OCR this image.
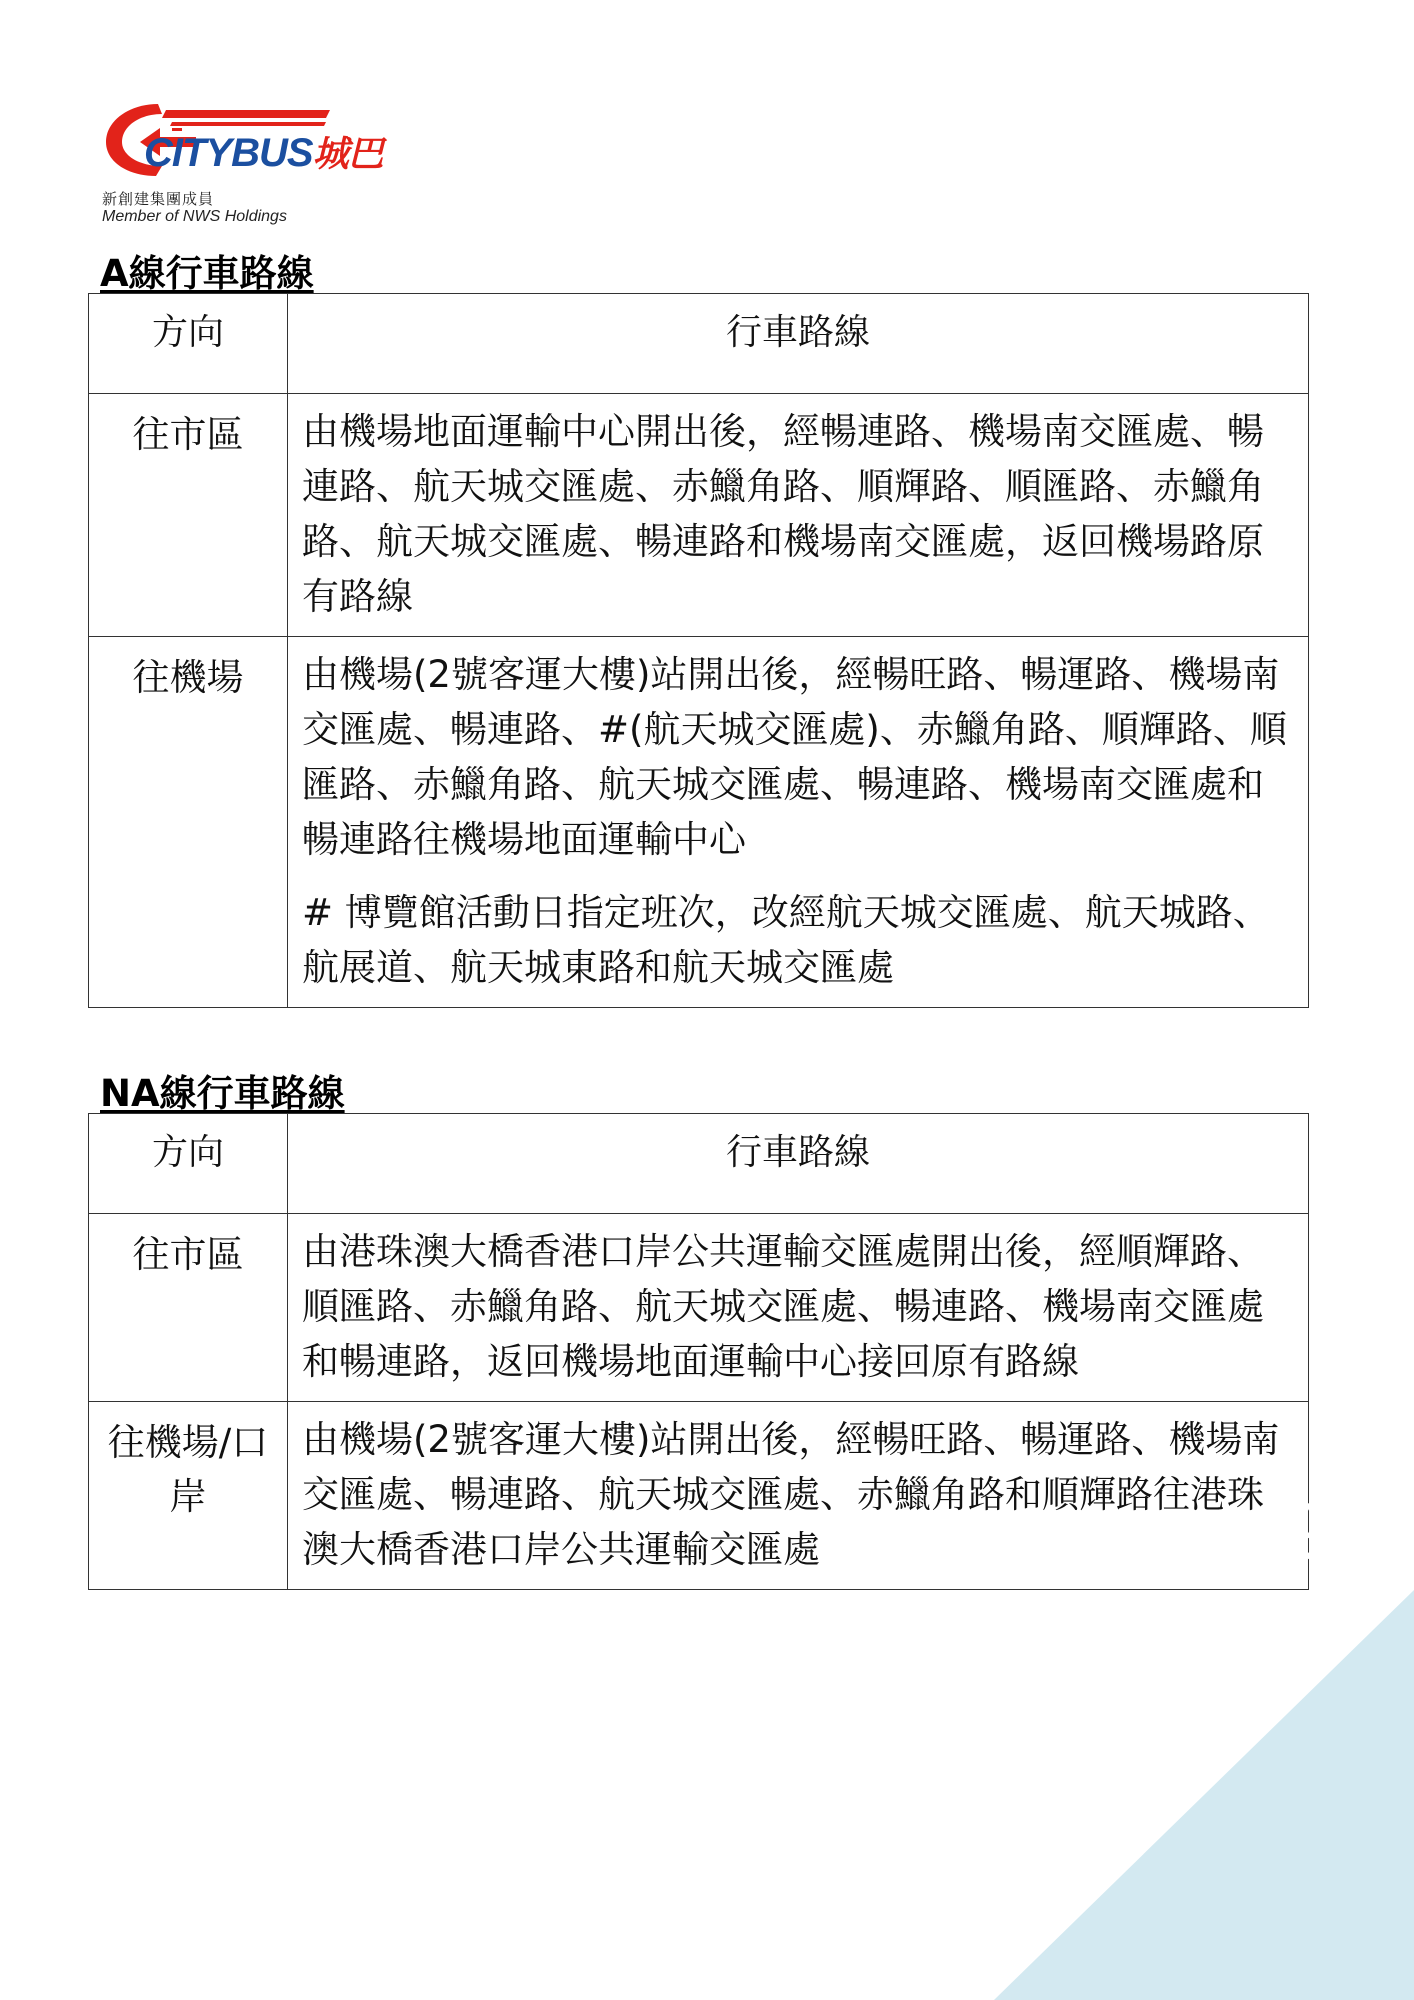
CITYBUS城巴
新創建集團成員
Member of NWS Holdings
A線行車路線
方向	行車路線
往市區	由機場地面運輸中心開出後，經暢連路、機場南交匯處、暢連路、航天城交匯處、赤鱲角路、順輝路、順匯路、赤鱲角路、航天城交匯處、暢連路和機場南交匯處，返回機場路原有路線

往機場	由機場(2號客運大樓)站開出後，經暢旺路、暢運路、機場南交匯處、暢連路、#(航天城交匯處)、赤鱲角路、順輝路、順匯路、赤鱲角路、航天城交匯處、暢連路、機場南交匯處和暢連路往機場地面運輸中心

# 博覽館活動日指定班次，改經航天城交匯處、航天城路、航展道、航天城東路和航天城交匯處

NA線行車路線
方向	行車路線
往市區	由港珠澳大橋香港口岸公共運輸交匯處開出後，經順輝路、順匯路、赤鱲角路、航天城交匯處、暢連路、機場南交匯處和暢連路，返回機場地面運輸中心接回原有路線

往機場/口岸	由機場(2號客運大樓)站開出後，經暢旺路、暢運路、機場南交匯處、暢連路、航天城交匯處、赤鱲角路和順輝路往港珠澳大橋香港口岸公共運輸交匯處	9
